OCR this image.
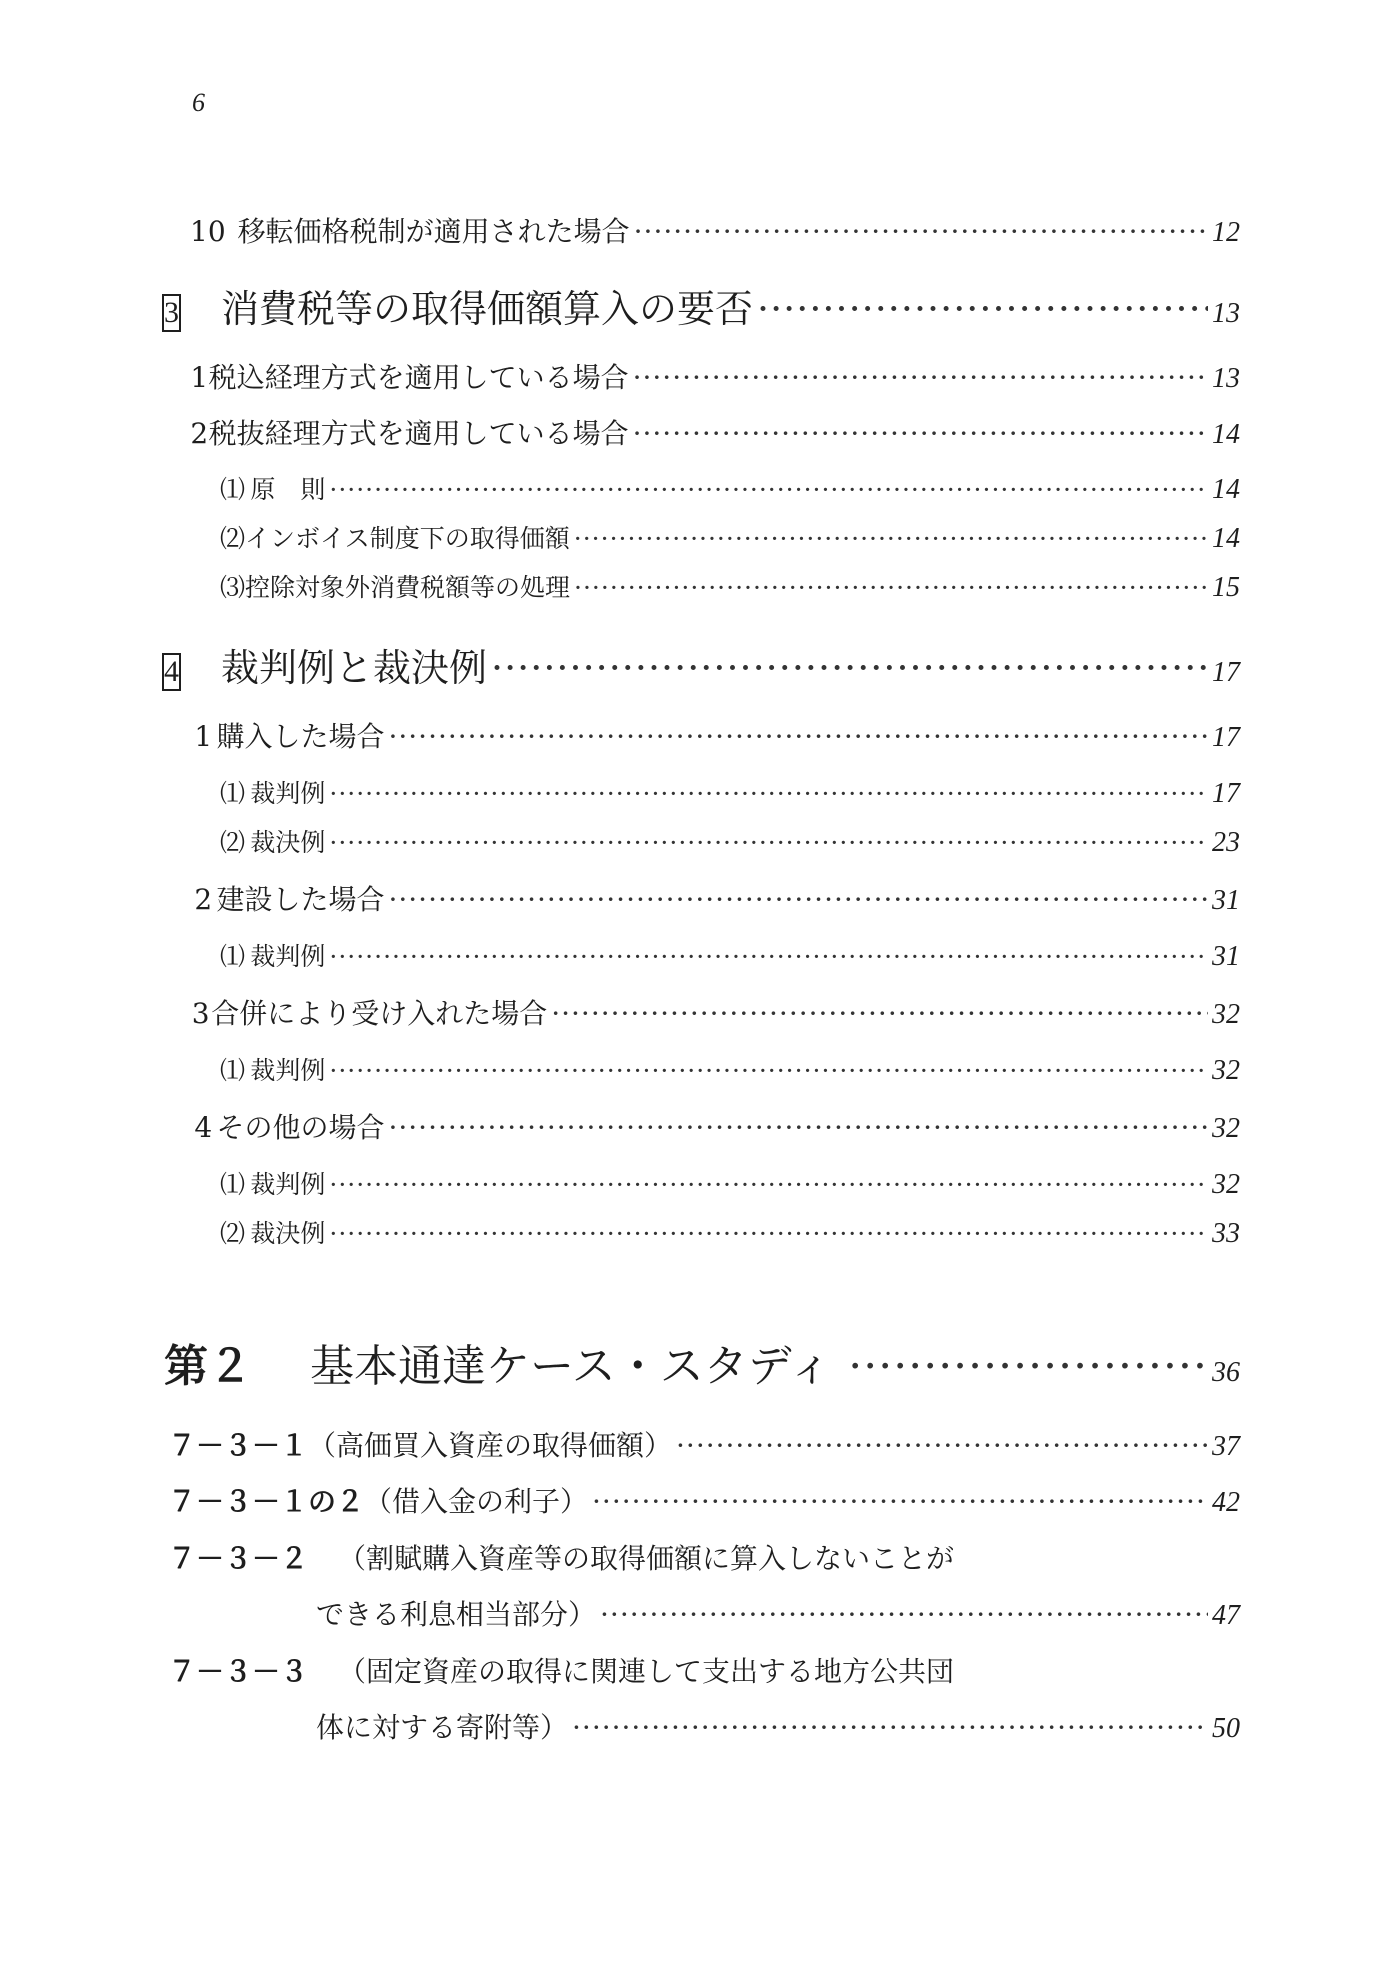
6
10 移転価格税制が適用された場合 ·····	12
3 消費税等の取得価額算入の要否 ·····	13
1 税込経理方式を適用している場合 ·····	13
2 税抜経理方式を適用している場合 ·····	14
⑴ 原　則 ·····	14
⑵ インボイス制度下の取得価額 ·····	14
⑶ 控除対象外消費税額等の処理 ·····	15
4 裁判例と裁決例 ·····	17
1 購入した場合 ·····	17
⑴ 裁判例 ·····	17
⑵ 裁決例 ·····	23
2 建設した場合 ·····	31
⑴ 裁判例 ·····	31
3 合併により受け入れた場合 ·····	32
⑴ 裁判例 ·····	32
4 その他の場合 ·····	32
⑴ 裁判例 ·····	32
⑵ 裁決例 ·····	33
第２ 基本通達ケース・スタディ ·····	36
７－３－１ （高価買入資産の取得価額） ·····	37
７－３－１の２ （借入金の利子） ·····	42
７－３－２	（割賦購入資産等の取得価額に算入しないことが
できる利息相当部分） ·····	47
７－３－３	（固定資産の取得に関連して支出する地方公共団
体に対する寄附等） ·····	50
